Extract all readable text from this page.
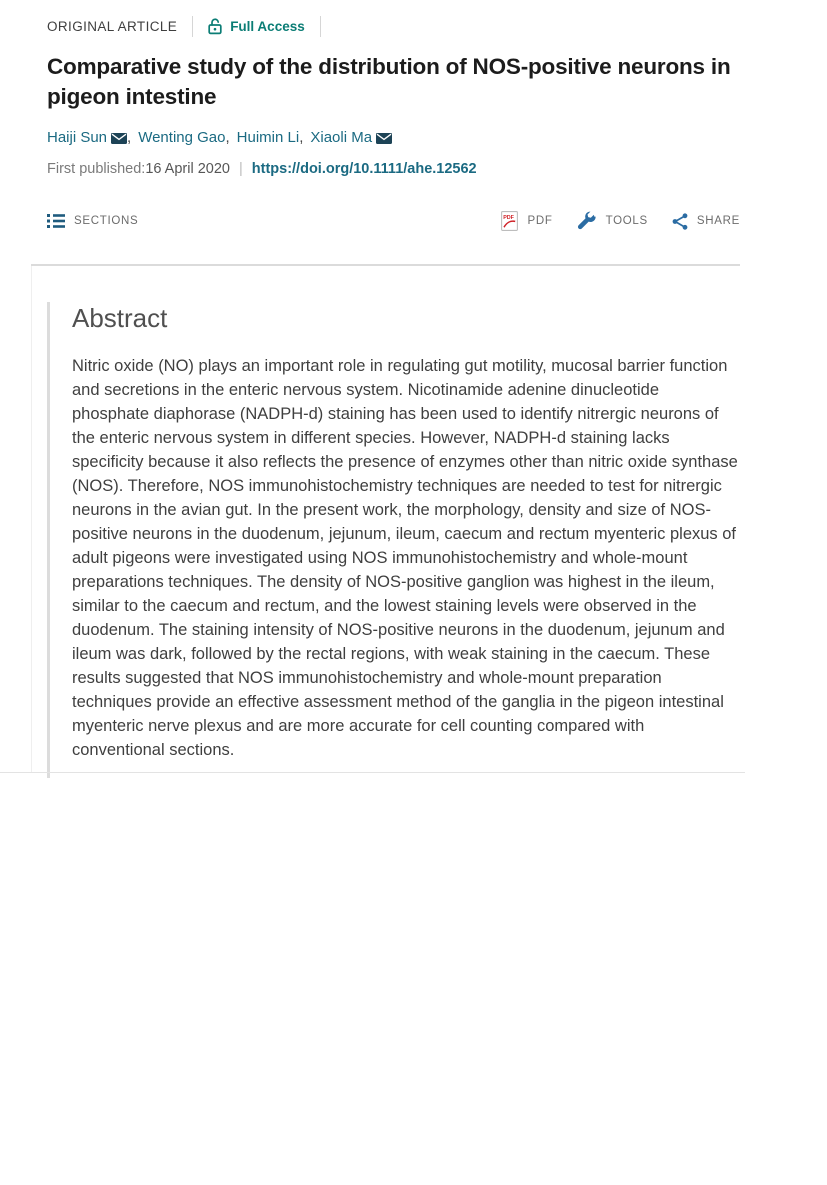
ORIGINAL ARTICLE	Full Access
Comparative study of the distribution of NOS-positive neurons in pigeon intestine
Haiji Sun , Wenting Gao , Huimin Li , Xiaoli Ma
First published: 16 April 2020 | https://doi.org/10.1111/ahe.12562
SECTIONS	PDF PDF	TOOLS	SHARE
Abstract

Nitric oxide (NO) plays an important role in regulating gut motility, mucosal barrier function and secretions in the enteric nervous system. Nicotinamide adenine dinucleotide phosphate diaphorase (NADPH-d) staining has been used to identify nitrergic neurons of the enteric nervous system in different species. However, NADPH-d staining lacks specificity because it also reflects the presence of enzymes other than nitric oxide synthase (NOS). Therefore, NOS immunohistochemistry techniques are needed to test for nitrergic neurons in the avian gut. In the present work, the morphology, density and size of NOS-positive neurons in the duodenum, jejunum, ileum, caecum and rectum myenteric plexus of adult pigeons were investigated using NOS immunohistochemistry and whole-mount preparations techniques. The density of NOS-positive ganglion was highest in the ileum, similar to the caecum and rectum, and the lowest staining levels were observed in the duodenum. The staining intensity of NOS-positive neurons in the duodenum, jejunum and ileum was dark, followed by the rectal regions, with weak staining in the caecum. These results suggested that NOS immunohistochemistry and whole-mount preparation techniques provide an effective assessment method of the ganglia in the pigeon intestinal myenteric nerve plexus and are more accurate for cell counting compared with conventional sections.
